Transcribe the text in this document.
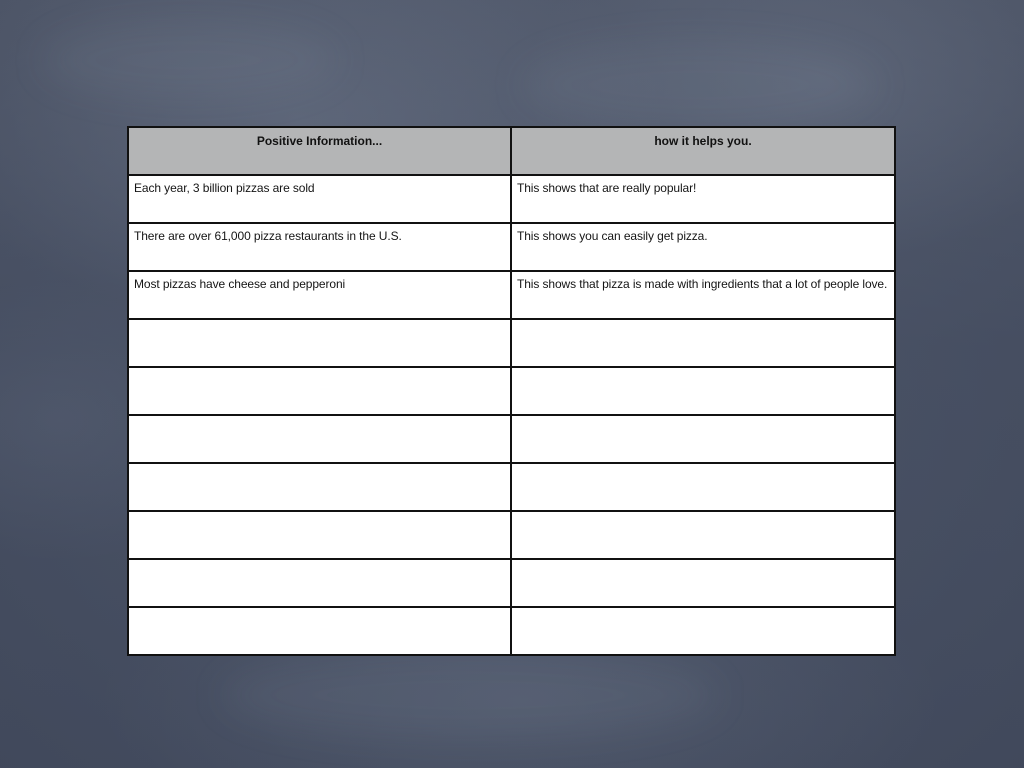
Positive Information...	how it helps you.

Each year, 3 billion pizzas are sold	This shows that are really popular!

There are over 61,000 pizza restaurants in the U.S.	This shows you can easily get pizza.

Most pizzas have cheese and pepperoni	This shows that pizza is made with ingredients that a lot of people love.
